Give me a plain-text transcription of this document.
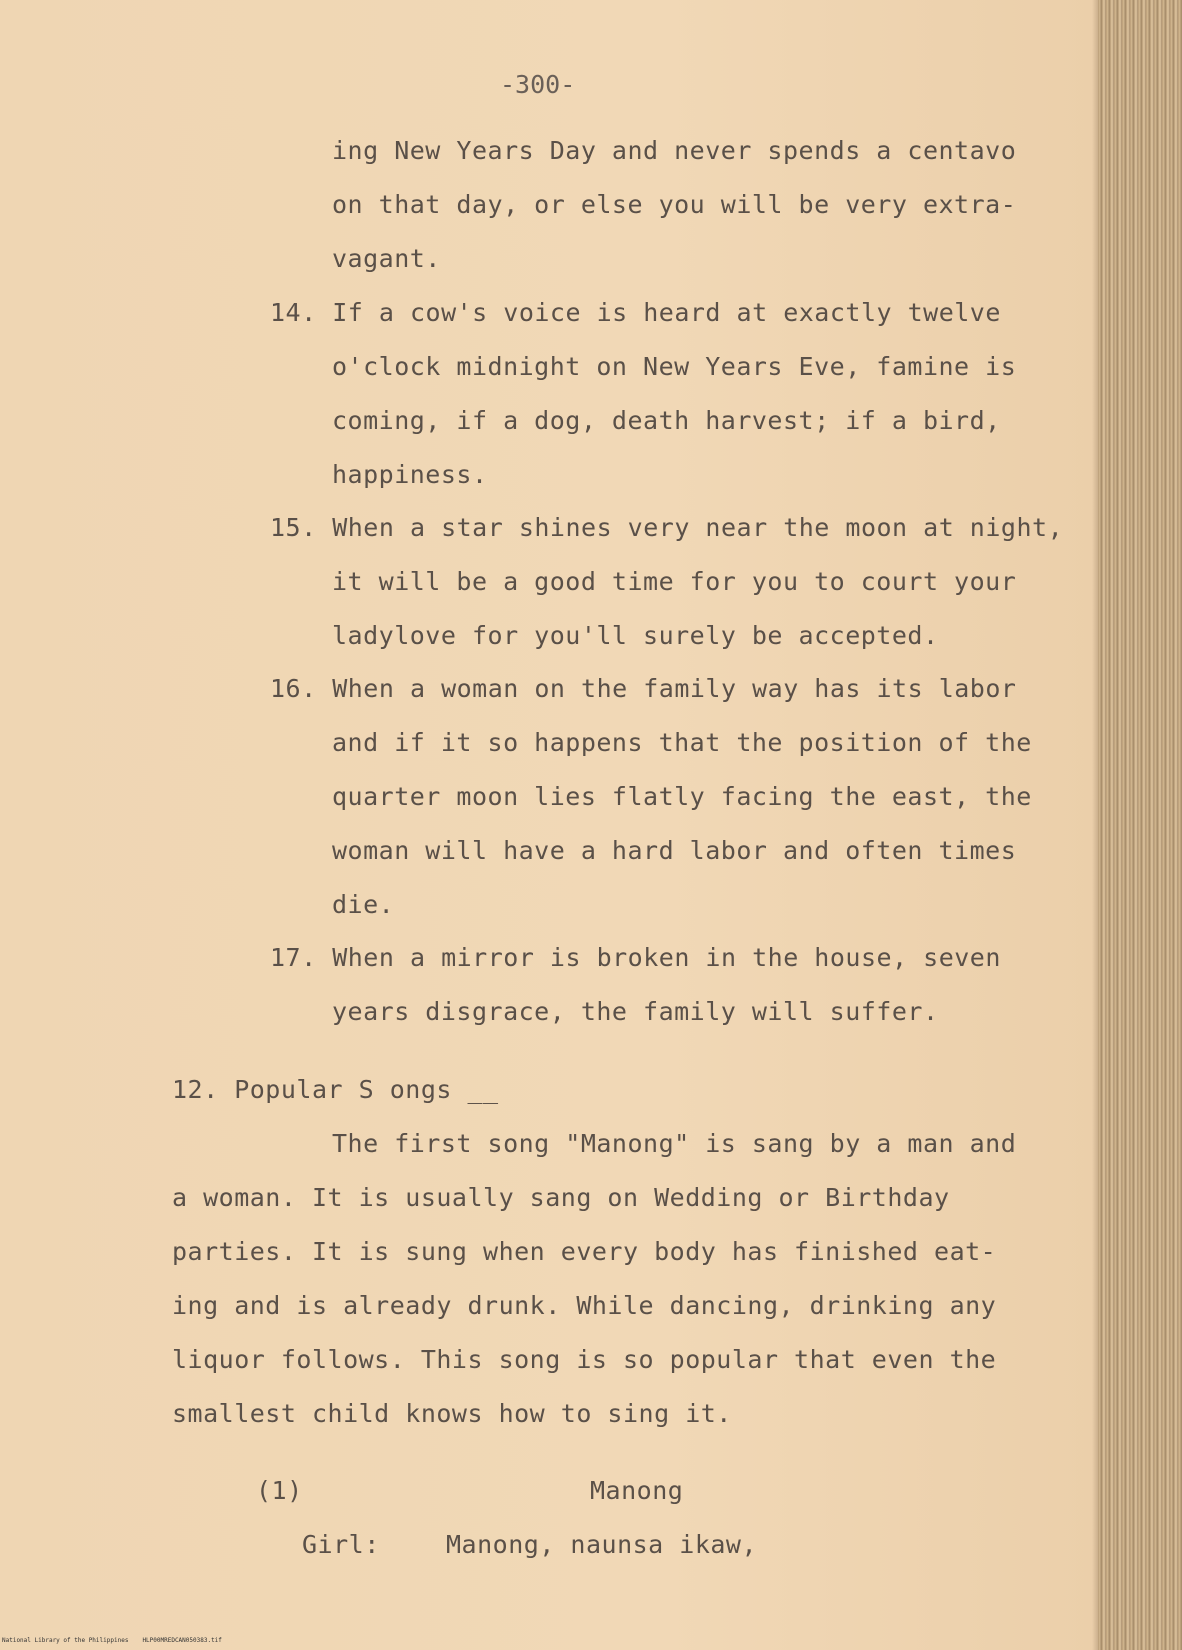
-300-
ing New Years Day and never spends a centavo
on that day, or else you will be very extra-
vagant.
14. If a cow's voice is heard at exactly twelve
o'clock midnight on New Years Eve, famine is
coming, if a dog, death harvest; if a bird,
happiness.
15. When a star shines very near the moon at night,
it will be a good time for you to court your
ladylove for you'll surely be accepted.
16. When a woman on the family way has its labor
and if it so happens that the position of the
quarter moon lies flatly facing the east, the
woman will have a hard labor and often times
die.
17. When a mirror is broken in the house, seven
years disgrace, the family will suffer.
12. Popular S ongs __
The first song "Manong" is sang by a man and
a woman. It is usually sang on Wedding or Birthday
parties. It is sung when every body has finished eat-
ing and is already drunk. While dancing, drinking any
liquor follows. This song is so popular that even the
smallest child knows how to sing it.
(1)	Manong
Girl:	Manong, naunsa ikaw,
National Library of the Philippines HLP00MREDCAN050383.tif
